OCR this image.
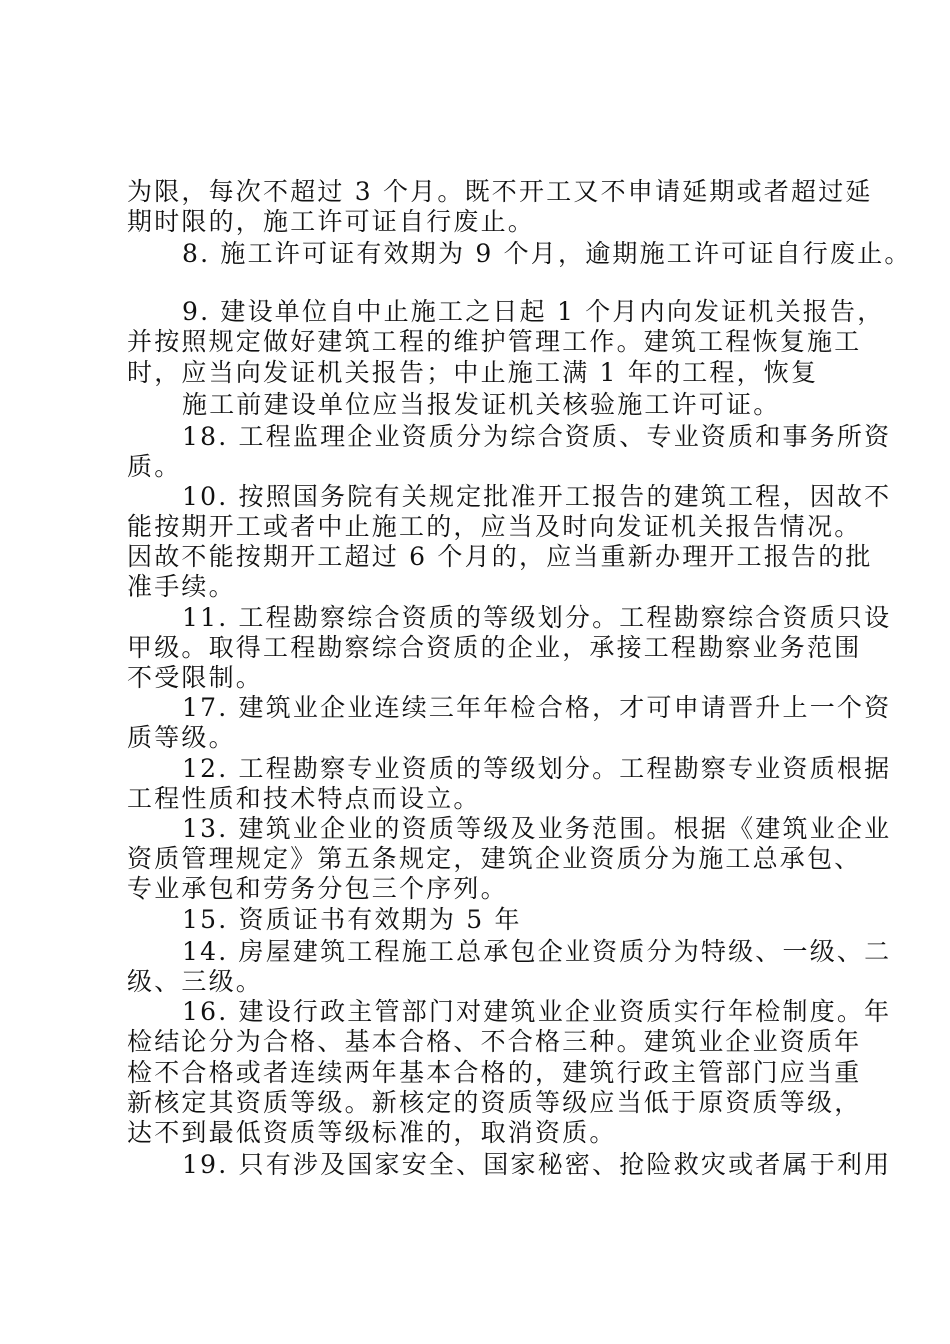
为限，每次不超过 3 个月。既不开工又不申请延期或者超过延
期时限的，施工许可证自行废止。
8. 施工许可证有效期为 9 个月，逾期施工许可证自行废止。
9. 建设单位自中止施工之日起 1 个月内向发证机关报告，
并按照规定做好建筑工程的维护管理工作。建筑工程恢复施工
时，应当向发证机关报告；中止施工满 1 年的工程，恢复
施工前建设单位应当报发证机关核验施工许可证。
18. 工程监理企业资质分为综合资质、专业资质和事务所资
质。
10. 按照国务院有关规定批准开工报告的建筑工程，因故不
能按期开工或者中止施工的，应当及时向发证机关报告情况。
因故不能按期开工超过 6 个月的，应当重新办理开工报告的批
准手续。
11. 工程勘察综合资质的等级划分。工程勘察综合资质只设
甲级。取得工程勘察综合资质的企业，承接工程勘察业务范围
不受限制。
17. 建筑业企业连续三年年检合格，才可申请晋升上一个资
质等级。
12. 工程勘察专业资质的等级划分。工程勘察专业资质根据
工程性质和技术特点而设立。
13. 建筑业企业的资质等级及业务范围。根据《建筑业企业
资质管理规定》第五条规定，建筑企业资质分为施工总承包、
专业承包和劳务分包三个序列。
15. 资质证书有效期为 5 年
14. 房屋建筑工程施工总承包企业资质分为特级、一级、二
级、三级。
16. 建设行政主管部门对建筑业企业资质实行年检制度。年
检结论分为合格、基本合格、不合格三种。建筑业企业资质年
检不合格或者连续两年基本合格的，建筑行政主管部门应当重
新核定其资质等级。新核定的资质等级应当低于原资质等级，
达不到最低资质等级标准的，取消资质。
19. 只有涉及国家安全、国家秘密、抢险救灾或者属于利用
